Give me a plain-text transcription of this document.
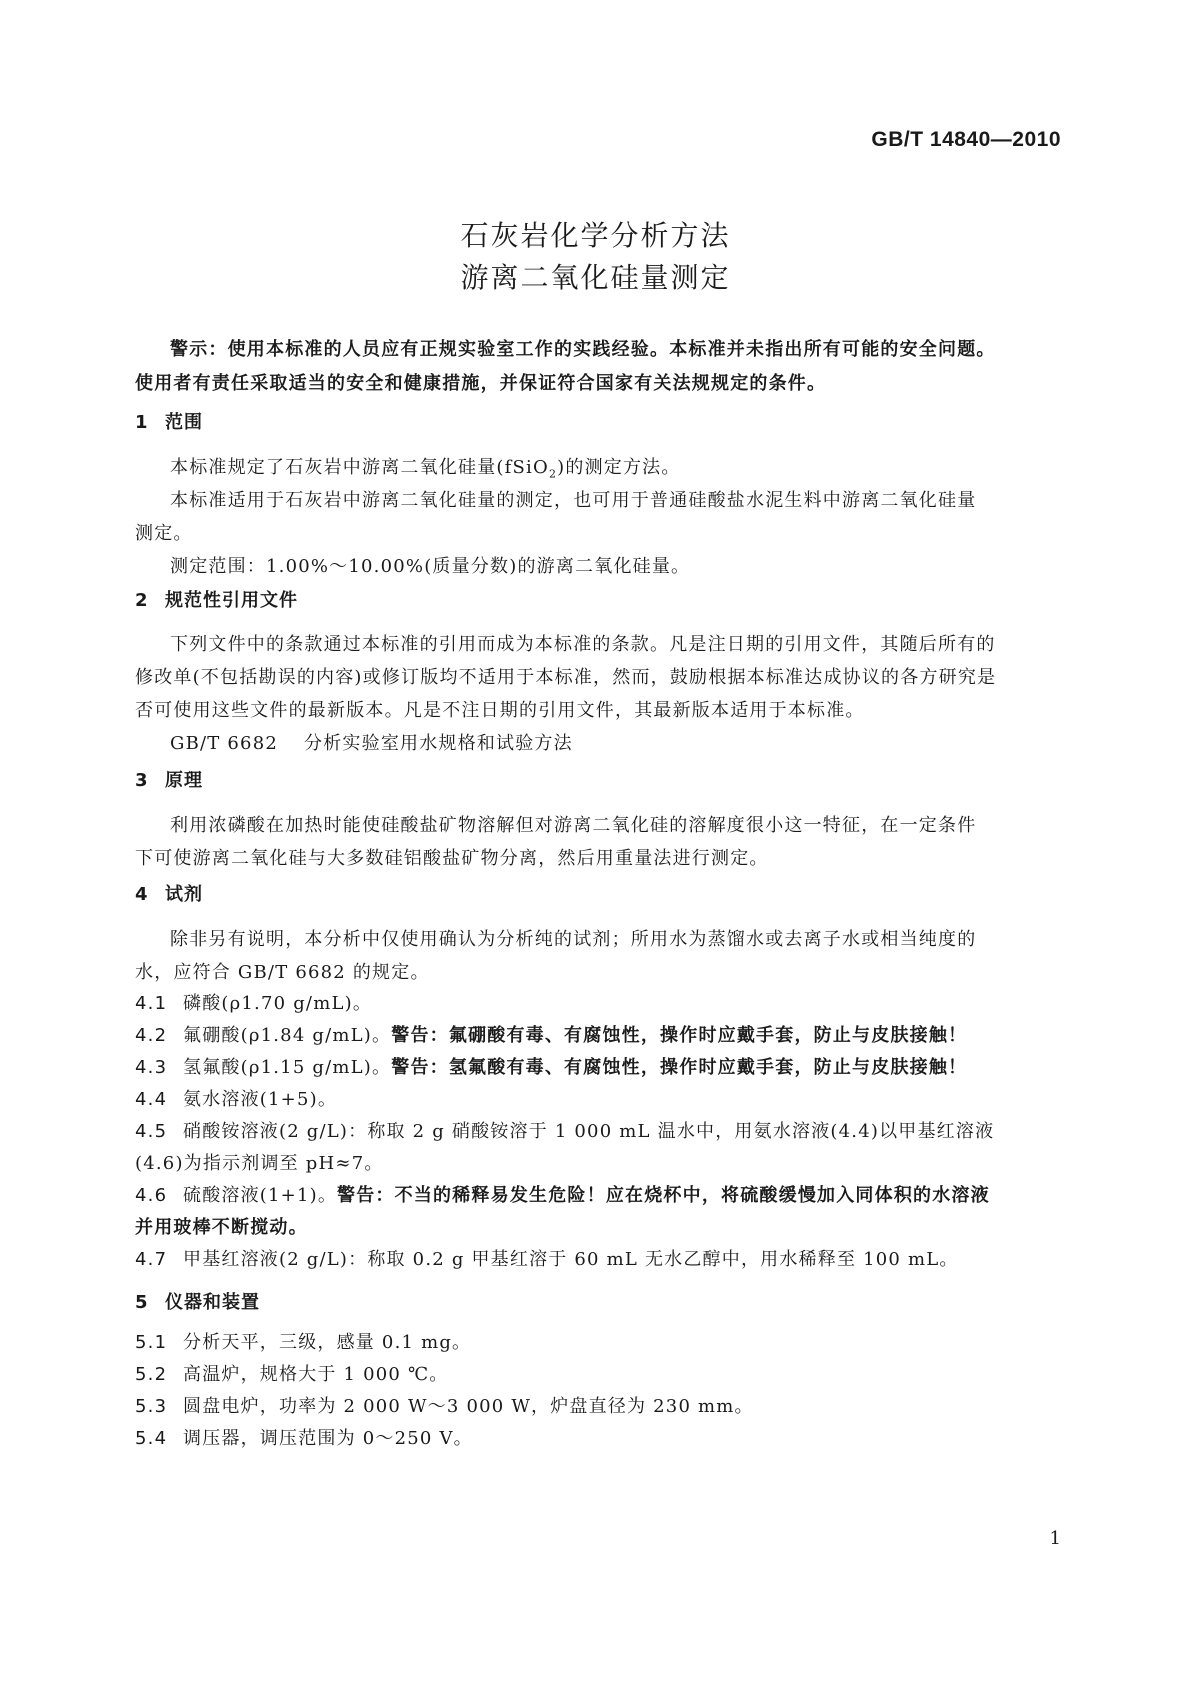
GB/T 14840—2010
石灰岩化学分析方法
游离二氧化硅量测定
警示：使用本标准的人员应有正规实验室工作的实践经验。本标准并未指出所有可能的安全问题。
使用者有责任采取适当的安全和健康措施，并保证符合国家有关法规规定的条件。
1 范围
本标准规定了石灰岩中游离二氧化硅量(fSiO$_2$)的测定方法。
本标准适用于石灰岩中游离二氧化硅量的测定，也可用于普通硅酸盐水泥生料中游离二氧化硅量
测定。
测定范围：1.00%～10.00%(质量分数)的游离二氧化硅量。
2 规范性引用文件
下列文件中的条款通过本标准的引用而成为本标准的条款。凡是注日期的引用文件，其随后所有的
修改单(不包括勘误的内容)或修订版均不适用于本标准，然而，鼓励根据本标准达成协议的各方研究是
否可使用这些文件的最新版本。凡是不注日期的引用文件，其最新版本适用于本标准。
GB/T 6682 分析实验室用水规格和试验方法
3 原理
利用浓磷酸在加热时能使硅酸盐矿物溶解但对游离二氧化硅的溶解度很小这一特征，在一定条件
下可使游离二氧化硅与大多数硅铝酸盐矿物分离，然后用重量法进行测定。
4 试剂
除非另有说明，本分析中仅使用确认为分析纯的试剂；所用水为蒸馏水或去离子水或相当纯度的
水，应符合 GB/T 6682 的规定。
4.1 磷酸(ρ1.70 g/mL)。
4.2 氟硼酸(ρ1.84 g/mL)。警告：氟硼酸有毒、有腐蚀性，操作时应戴手套，防止与皮肤接触！
4.3 氢氟酸(ρ1.15 g/mL)。警告：氢氟酸有毒、有腐蚀性，操作时应戴手套，防止与皮肤接触！
4.4 氨水溶液(1+5)。
4.5 硝酸铵溶液(2 g/L)：称取 2 g 硝酸铵溶于 1 000 mL 温水中，用氨水溶液(4.4)以甲基红溶液
(4.6)为指示剂调至 pH≈7。
4.6 硫酸溶液(1+1)。警告：不当的稀释易发生危险！应在烧杯中，将硫酸缓慢加入同体积的水溶液
并用玻棒不断搅动。
4.7 甲基红溶液(2 g/L)：称取 0.2 g 甲基红溶于 60 mL 无水乙醇中，用水稀释至 100 mL。
5 仪器和装置
5.1 分析天平，三级，感量 0.1 mg。
5.2 高温炉，规格大于 1 000 ℃。
5.3 圆盘电炉，功率为 2 000 W～3 000 W，炉盘直径为 230 mm。
5.4 调压器，调压范围为 0～250 V。
1
